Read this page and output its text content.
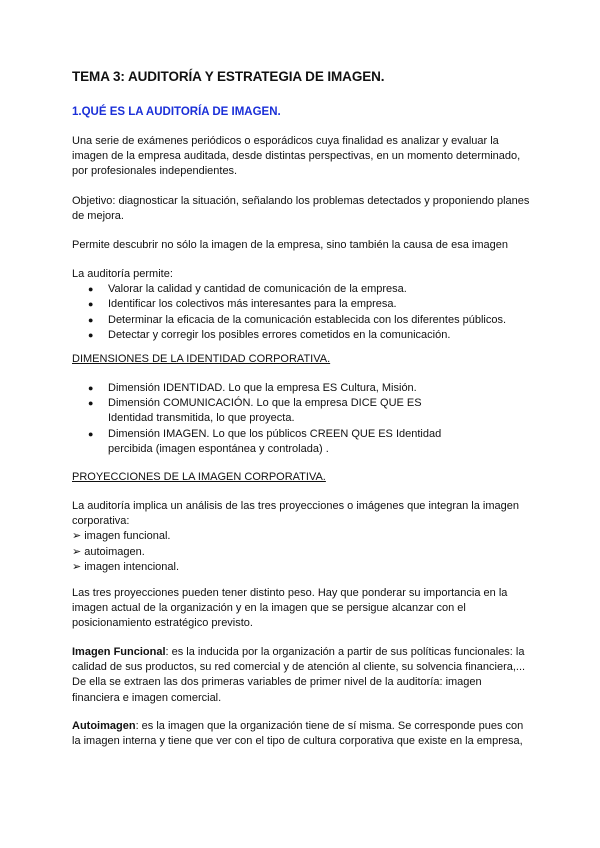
TEMA 3: AUDITORÍA Y ESTRATEGIA DE IMAGEN.
1.QUÉ ES LA AUDITORÍA DE IMAGEN.

Una serie de exámenes periódicos o esporádicos cuya finalidad es analizar y evaluar la imagen de la empresa auditada, desde distintas perspectivas, en un momento determinado, por profesionales independientes.

Objetivo: diagnosticar la situación, señalando los problemas detectados y proponiendo planes de mejora.

Permite descubrir no sólo la imagen de la empresa, sino también la causa de esa imagen

La auditoría permite:

●	Valorar la calidad y cantidad de comunicación de la empresa.
●	Identificar los colectivos más interesantes para la empresa.
●	Determinar la eficacia de la comunicación establecida con los diferentes públicos.
●	Detectar y corregir los posibles errores cometidos en la comunicación.
DIMENSIONES DE LA IDENTIDAD CORPORATIVA.
●	Dimensión IDENTIDAD. Lo que la empresa ES Cultura, Misión.
●	Dimensión COMUNICACIÓN. Lo que la empresa DICE QUE ES Identidad transmitida, lo que proyecta.
●	Dimensión IMAGEN. Lo que los públicos CREEN QUE ES Identidad percibida (imagen espontánea y controlada) .
PROYECCIONES DE LA IMAGEN CORPORATIVA.

La auditoría implica un análisis de las tres proyecciones o imágenes que integran la imagen corporativa:

➢ imagen funcional.
➢ autoimagen.
➢ imagen intencional.

Las tres proyecciones pueden tener distinto peso. Hay que ponderar su importancia en la imagen actual de la organización y en la imagen que se persigue alcanzar con el posicionamiento estratégico previsto.

Imagen Funcional: es la inducida por la organización a partir de sus políticas funcionales: la calidad de sus productos, su red comercial y de atención al cliente, su solvencia financiera,... De ella se extraen las dos primeras variables de primer nivel de la auditoría: imagen financiera e imagen comercial.

Autoimagen: es la imagen que la organización tiene de sí misma. Se corresponde pues con la imagen interna y tiene que ver con el tipo de cultura corporativa que existe en la empresa,
